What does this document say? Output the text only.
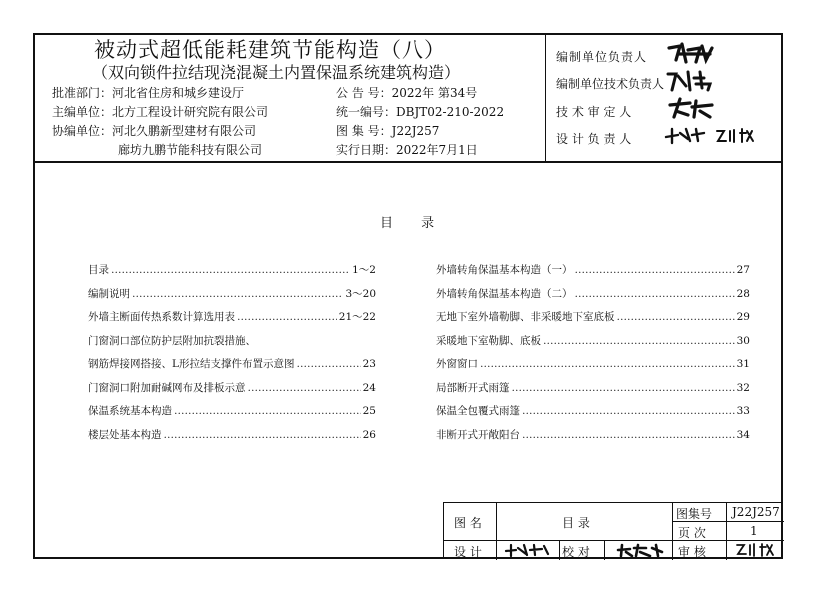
被动式超低能耗建筑节能构造（八）
（双向锁件拉结现浇混凝土内置保温系统建筑构造）
批准部门：河北省住房和城乡建设厅
主编单位：北方工程设计研究院有限公司
协编单位：河北久鹏新型建材有限公司
廊坊九鹏节能科技有限公司
公 告 号：2022年 第34号
统一编号：DBJT02-210-2022
图 集 号：J22J257
实行日期：2022年7月1日
编制单位负责人
编制单位技术负责人
技 术 审 定 人
设 计 负 责 人
目 录
目录 …………………………………………………………………………………………………………………………………………………………	1～2
编制说明 …………………………………………………………………………………………………………………………………………………………	3～20
外墙主断面传热系数计算选用表 …………………………………………………………………………………………………………………………………………………………	21～22
门窗洞口部位防护层附加抗裂措施、
钢筋焊接网搭接、L形拉结支撑件布置示意图 …………………………………………………………………………………………………………………………………………………………	23
门窗洞口附加耐碱网布及排板示意 …………………………………………………………………………………………………………………………………………………………	24
保温系统基本构造 …………………………………………………………………………………………………………………………………………………………	25
楼层处基本构造 …………………………………………………………………………………………………………………………………………………………	26
外墙转角保温基本构造（一） …………………………………………………………………………………………………………………………………………………………	27
外墙转角保温基本构造（二） …………………………………………………………………………………………………………………………………………………………	28
无地下室外墙勒脚、非采暖地下室底板 …………………………………………………………………………………………………………………………………………………………	29
采暖地下室勒脚、底板 …………………………………………………………………………………………………………………………………………………………	30
外窗窗口 …………………………………………………………………………………………………………………………………………………………	31
局部断开式雨篷 …………………………………………………………………………………………………………………………………………………………	32
保温全包覆式雨篷 …………………………………………………………………………………………………………………………………………………………	33
非断开式开敞阳台 …………………………………………………………………………………………………………………………………………………………	34
图 名	目 录
图集号 J22J257
页 次	1
设 计	校 对	审 核
